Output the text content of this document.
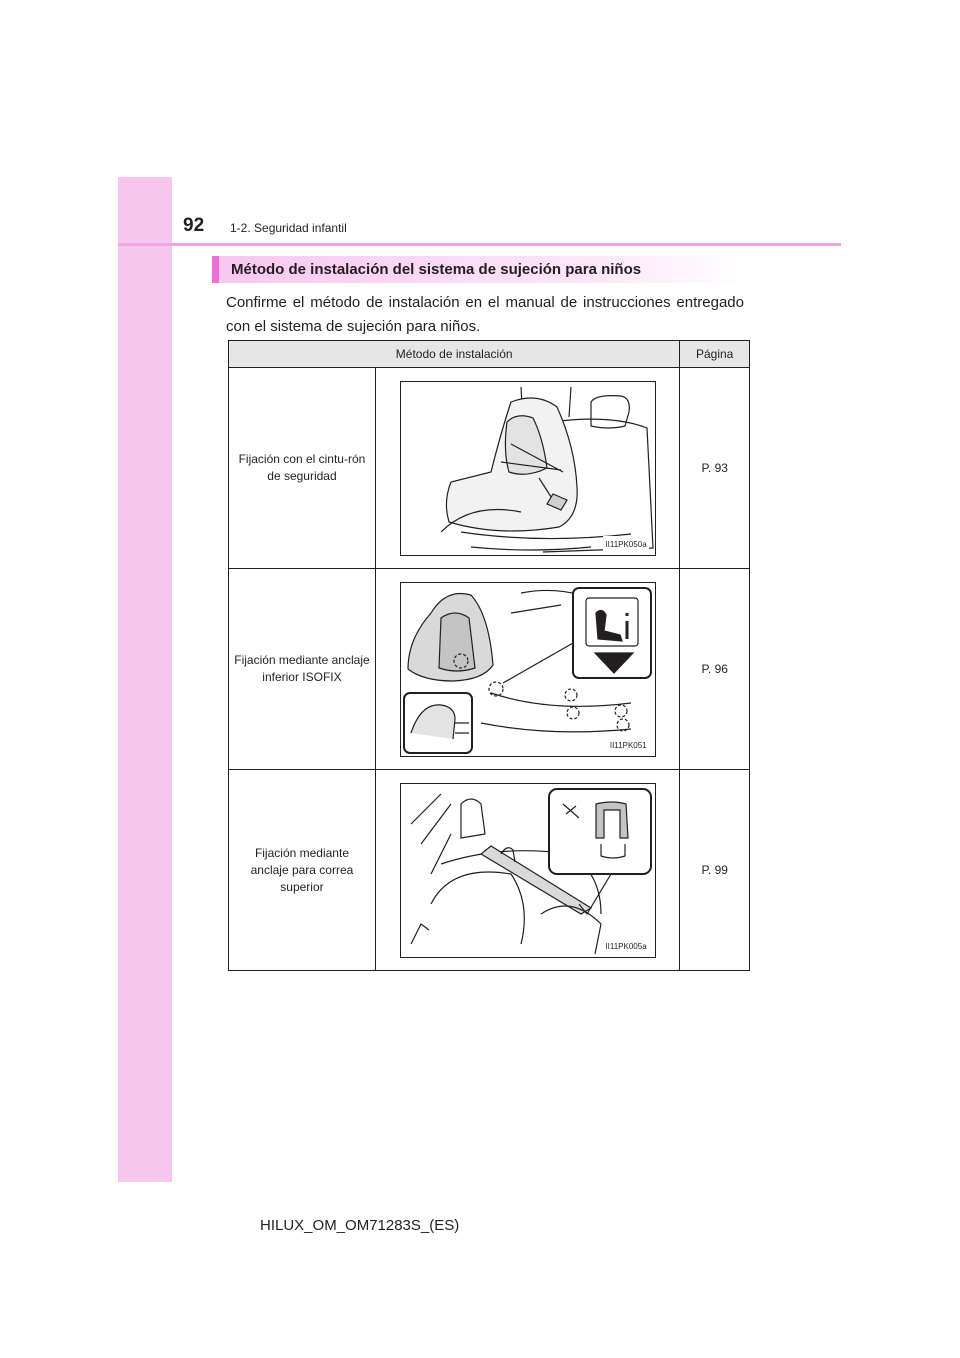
92 1-2. Seguridad infantil
Método de instalación del sistema de sujeción para niños

Confirme el método de instalación en el manual de instrucciones entregado con el sistema de sujeción para niños.

Método de instalación		Página
Fijación con el cintu-rón de seguridad	II11PK050a	P. 93
Fijación mediante anclaje inferior ISOFIX	II11PK051	P. 96
Fijación mediante anclaje para correa superior	II11PK005a	P. 99
HILUX_OM_OM71283S_(ES)
